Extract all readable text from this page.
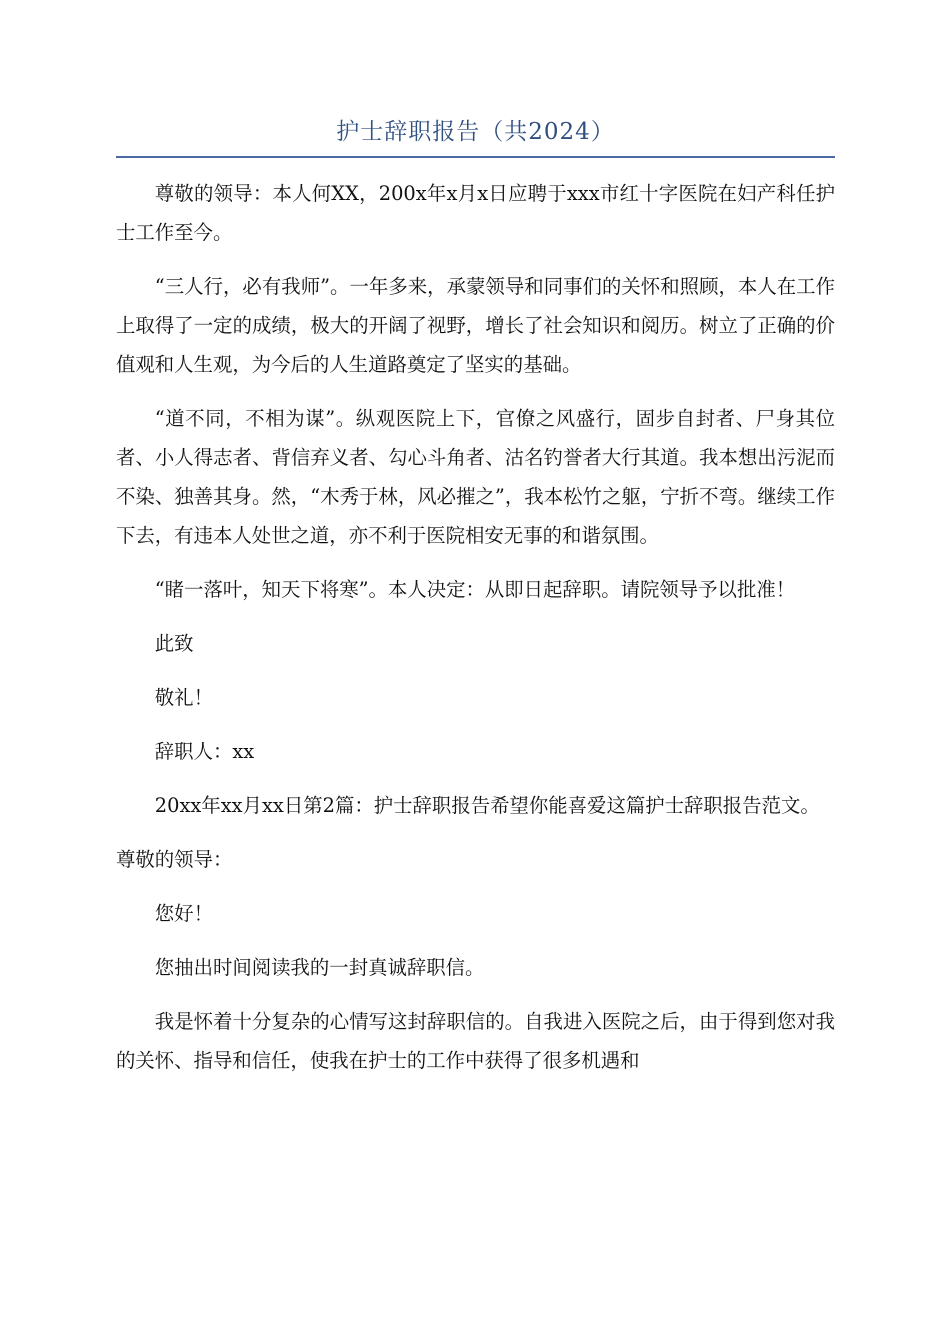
护士辞职报告（共2024）

尊敬的领导：本人何XX，200x年x月x日应聘于xxx市红十字医院在妇产科任护士工作至今。

“三人行，必有我师”。一年多来，承蒙领导和同事们的关怀和照顾，本人在工作上取得了一定的成绩，极大的开阔了视野，增长了社会知识和阅历。树立了正确的价值观和人生观，为今后的人生道路奠定了坚实的基础。

“道不同，不相为谋”。纵观医院上下，官僚之风盛行，固步自封者、尸身其位者、小人得志者、背信弃义者、勾心斗角者、沽名钓誉者大行其道。我本想出污泥而不染、独善其身。然，“木秀于林，风必摧之”，我本松竹之躯，宁折不弯。继续工作下去，有违本人处世之道，亦不利于医院相安无事的和谐氛围。

“睹一落叶，知天下将寒”。本人决定：从即日起辞职。请院领导予以批准！

此致

敬礼！

辞职人：xx

20xx年xx月xx日第2篇：护士辞职报告希望你能喜爱这篇护士辞职报告范文。

尊敬的领导：

您好！

您抽出时间阅读我的一封真诚辞职信。

我是怀着十分复杂的心情写这封辞职信的。自我进入医院之后，由于得到您对我的关怀、指导和信任，使我在护士的工作中获得了很多机遇和
